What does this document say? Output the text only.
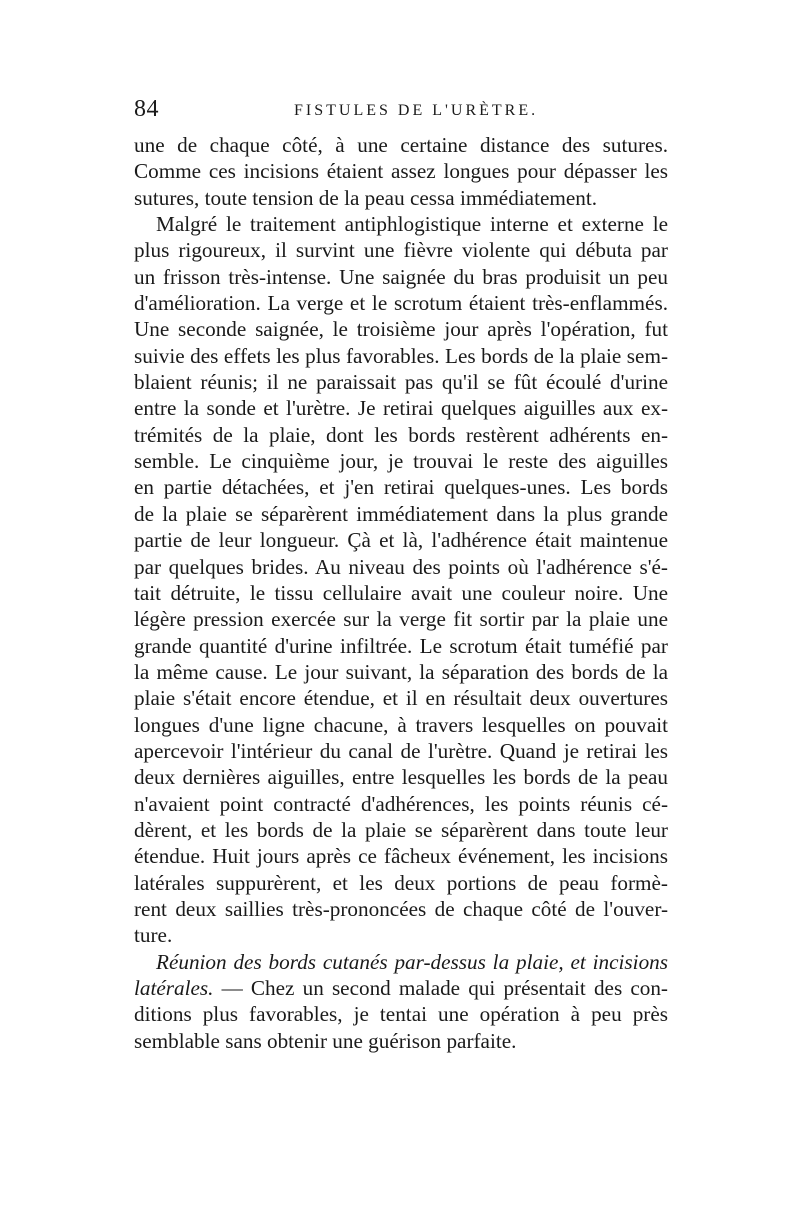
84	FISTULES DE L'URÈTRE.
une de chaque côté, à une certaine distance des sutures.
Comme ces incisions étaient assez longues pour dépasser les
sutures, toute tension de la peau cessa immédiatement.
Malgré le traitement antiphlogistique interne et externe le
plus rigoureux, il survint une fièvre violente qui débuta par
un frisson très-intense. Une saignée du bras produisit un peu
d'amélioration. La verge et le scrotum étaient très-enflammés.
Une seconde saignée, le troisième jour après l'opération, fut
suivie des effets les plus favorables. Les bords de la plaie sem-
blaient réunis; il ne paraissait pas qu'il se fût écoulé d'urine
entre la sonde et l'urètre. Je retirai quelques aiguilles aux ex-
trémités de la plaie, dont les bords restèrent adhérents en-
semble. Le cinquième jour, je trouvai le reste des aiguilles
en partie détachées, et j'en retirai quelques-unes. Les bords
de la plaie se séparèrent immédiatement dans la plus grande
partie de leur longueur. Çà et là, l'adhérence était maintenue
par quelques brides. Au niveau des points où l'adhérence s'é-
tait détruite, le tissu cellulaire avait une couleur noire. Une
légère pression exercée sur la verge fit sortir par la plaie une
grande quantité d'urine infiltrée. Le scrotum était tuméfié par
la même cause. Le jour suivant, la séparation des bords de la
plaie s'était encore étendue, et il en résultait deux ouvertures
longues d'une ligne chacune, à travers lesquelles on pouvait
apercevoir l'intérieur du canal de l'urètre. Quand je retirai les
deux dernières aiguilles, entre lesquelles les bords de la peau
n'avaient point contracté d'adhérences, les points réunis cé-
dèrent, et les bords de la plaie se séparèrent dans toute leur
étendue. Huit jours après ce fâcheux événement, les incisions
latérales suppurèrent, et les deux portions de peau formè-
rent deux saillies très-prononcées de chaque côté de l'ouver-
ture.
Réunion des bords cutanés par-dessus la plaie, et incisions
latérales. — Chez un second malade qui présentait des con-
ditions plus favorables, je tentai une opération à peu près
semblable sans obtenir une guérison parfaite.
